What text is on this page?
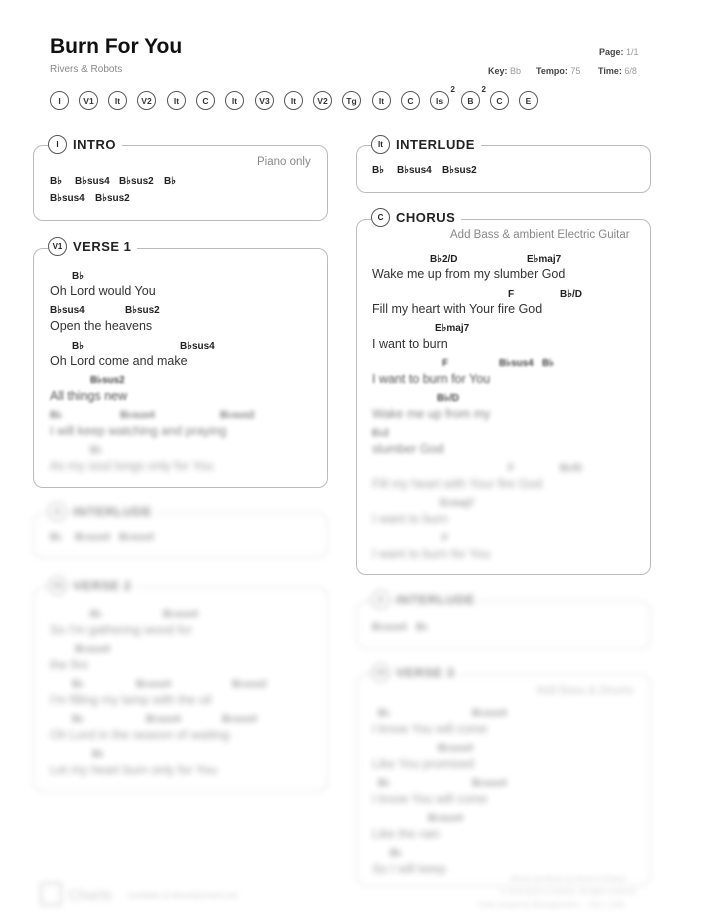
Burn For You
Rivers & Robots
Page: 1/1
Key: Bb Tempo: 75 Time: 6/8
I	V1 It V2	It	C	It	V3 It V2 Tg	It	C	Is
2
B
2
C	E
I	INTRO
Piano only
B♭ B♭sus4 B♭sus2 B♭
B♭sus4 B♭sus2
V1 VERSE 1
B♭
Oh Lord would You
B♭sus4	B♭sus2
Open the heavens
B♭	B♭sus4
Oh Lord come and make
B♭sus2
All things new
B♭	B♭sus4	B♭sus2
I will keep watching and praying
B♭
As my soul longs only for You
It	INTERLUDE
B♭ B♭sus4 B♭sus4
V2 VERSE 2
B♭	B♭sus4
So I'm gathering wood for
B♭sus4
the fire
B♭	B♭sus4	B♭sus2
I'm filling my lamp with the oil
B♭	B♭sus4	B♭sus4
Oh Lord in the season of waiting
B♭
Let my heart burn only for You
It	INTERLUDE
B♭ B♭sus4 B♭sus2
C CHORUS
Add Bass & ambient Electric Guitar
B♭2/D	E♭maj7
Wake me up from my slumber God
F	B♭/D
Fill my heart with Your fire God
E♭maj7
I want to burn
F	B♭sus4 B♭
I want to burn for You
B♭/D
Wake me up from my
E♭2
slumber God
F	B♭/D
Fill my heart with Your fire God
E♭maj7
I want to burn
F
I want to burn for You
It	INTERLUDE
B♭sus4 B♭
V3 VERSE 3
Add Bass & Drums
B♭	B♭sus4
I know You will come
B♭sus4
Like You promised
B♭	B♭sus4
I know You will come
B♭sus4
Like the rain
B♭
So I will keep
Charts Available at WorshipCharts.net
Words and Music by Rivers & Robots
© 2016 Rivers & Robots. All rights reserved.
Chart created by WorshipCharts — CCLI: 1234
